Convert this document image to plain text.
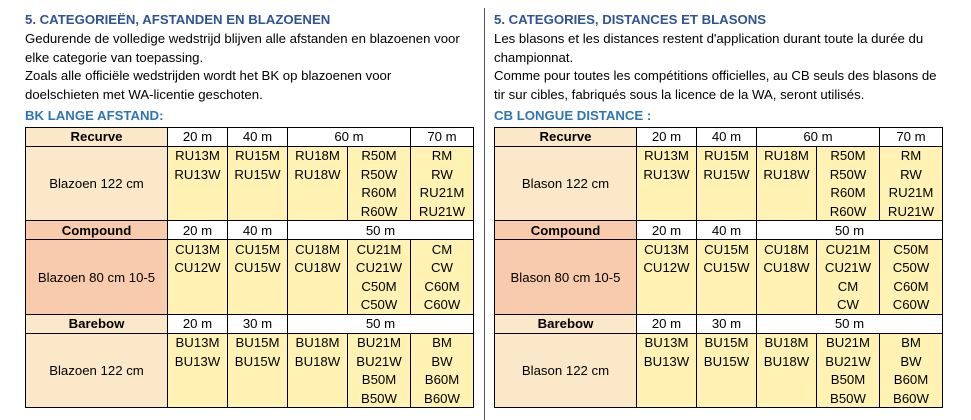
5. CATEGORIEËN, AFSTANDEN EN BLAZOENEN
Gedurende de volledige wedstrijd blijven alle afstanden en blazoenen voor
elke categorie van toepassing.
Zoals alle officiële wedstrijden wordt het BK op blazoenen voor
doelschieten met WA-licentie geschoten.
BK LANGE AFSTAND:
Recurve	20 m	40 m	60 m		70 m
Blazoen 122 cm	RU13M	RU15M	RU18M	R50M	RM
	RU13W	RU15W	RU18W	R50W	RW
				R60M	RU21M
				R60W	RU21W
Compound	20 m	40 m	50 m		
Blazoen 80 cm 10-5	CU13M	CU15M	CU18M	CU21M	CM
	CU12W	CU15W	CU18W	CU21W	CW
				C50M	C60M
				C50W	C60W
Barebow	20 m	30 m	50 m		
Blazoen 122 cm	BU13M	BU15M	BU18M	BU21M	BM
	BU13W	BU15W	BU18W	BU21W	BW
				B50M	B60M
				B50W	B60W
5. CATEGORIES, DISTANCES ET BLASONS
Les blasons et les distances restent d'application durant toute la durée du
championnat.
Comme pour toutes les compétitions officielles, au CB seuls des blasons de
tir sur cibles, fabriqués sous la licence de la WA, seront utilisés.
CB LONGUE DISTANCE :
Recurve	20 m	40 m	60 m		70 m
Blason 122 cm	RU13M	RU15M	RU18M	R50M	RM
	RU13W	RU15W	RU18W	R50W	RW
				R60M	RU21M
				R60W	RU21W
Compound	20 m	40 m	50 m		
Blason 80 cm 10-5	CU13M	CU15M	CU18M	CU21M	C50M
	CU12W	CU15W	CU18W	CU21W	C50W
				CM	C60M
				CW	C60W
Barebow	20 m	30 m	50 m		
Blason 122 cm	BU13M	BU15M	BU18M	BU21M	BM
	BU13W	BU15W	BU18W	BU21W	BW
				B50M	B60M
				B50W	B60W
